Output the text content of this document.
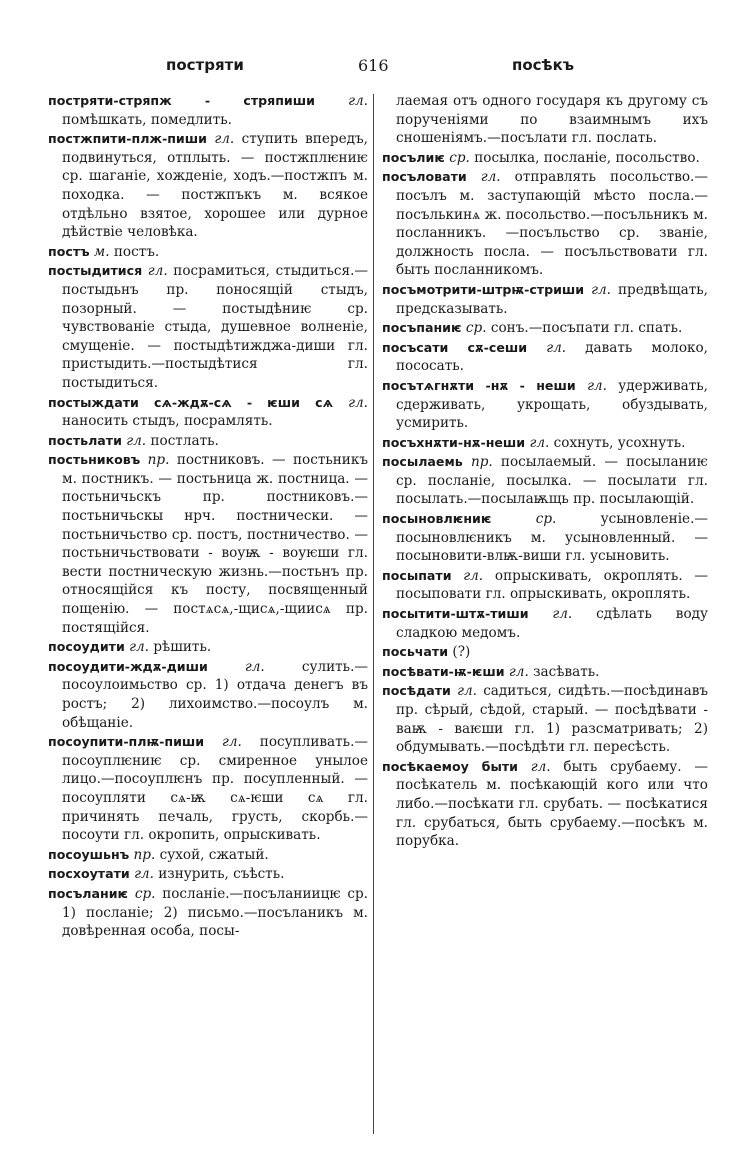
постряти	616	посѣкъ

постряти-стряпж - стряпиши гл. помѣшкать, помедлить.

постжпити-плж-пиши гл. ступить впередъ, подвинуться, отплыть. — постжплѥниѥ ср. шаганіе, хожденіе, ходъ.—постжпъ м. походка. — постжпъкъ м. всякое отдѣльно взятое, хорошее или дурное дѣйствіе человѣка.

постъ м. постъ.

постыдитися гл. посрамиться, стыдиться.—постыдьнъ пр. поносящій стыдъ, позорный. — постыдѣниѥ ср. чувствованіе стыда, душевное волненіе, смущеніе. — постыдѣтижджа-диши гл. пристыдить.—постыдѣтися гл. постыдиться.

постыждати сѧ-ждѫ-сѧ - ѥши сѧ гл. наносить стыдъ, посрамлять.

постьлати гл. постлать.

постьниковъ пр. постниковъ. — постьникъ м. постникъ. — постьница ж. постница. — постьничьскъ пр. постниковъ.— постьничьскы нрч. постнически. — постьничьство ср. постъ, постничество. — постьничьствовати - воуѭ - воуѥши гл. вести постническую жизнь.—постьнъ пр. относящійся къ посту, посвященный пощенію. — постѧсѧ,-щисѧ,-щиисѧ пр. постящійся.

посоудити гл. рѣшить.

посоудити-ждѫ-диши	гл.	сулить.—посоулоимьство ср. 1) отдача денегъ въ ростъ; 2) лихоимство.—посоулъ м. обѣщаніе.

посоупити-плѭ-пиши гл. посупливать.—посоуплѥниѥ ср. смиренное унылое лицо.—посоуплѥнъ пр. посупленный. — посоупляти сѧ-ѭ сѧ-ѥши сѧ гл. причинять печаль, грусть, скорбь.—посоути гл. окропить, опрыскивать.

посоушьнъ пр. сухой, сжатый.

посхоутати гл. изнурить, съѣсть.

посъланиѥ ср. посланіе.—посъланиицѥ ср. 1) посланіе; 2) письмо.—посъланикъ м. довѣренная особа, посы-

лаемая отъ одного государя къ другому съ порученіями по взаимнымъ ихъ сношеніямъ.—посълати гл. послать.

посълиѥ ср. посылка, посланіе, посольство.

посъловати гл. отправлять посольство.—посълъ м. заступающій мѣсто посла.—посълькинѧ ж. посольство.—посъльникъ м. посланникъ. —посъльство ср. званіе, должность посла. — посъльствовати гл. быть посланникомъ.

посъмотрити-штрѭ-стриши гл. предвѣщать, предсказывать.

посъпаниѥ ср. сонъ.—посъпати гл. спать.

посъсати сѫ-сеши гл. давать молоко, пососать.

посътѧгнѫти -нѫ - неши гл. удерживать, сдерживать, укрощать, обуздывать, усмирить.

посъхнѫти-нѫ-неши гл. сохнуть, усохнуть.

посылаемь пр. посылаемый. — посыланиѥ ср. посланіе, посылка. — посылати гл. посылать.—посылаѭщь пр. посылающій.

посыновлѥниѥ	ср.	усыновленіе.—посыновлѥникъ м. усыновленный. — посыновити-влѭ-виши гл. усыновить.

посыпати гл. опрыскивать, окроплять. — посыповати гл. опрыскивать, окроплять.

посытити-штѫ-тиши гл. сдѣлать воду сладкою медомъ.

посьчати (?)

посѣвати-ѭ-ѥши гл. засѣвать.

посѣдати гл. садиться, сидѣть.—посѣдинавъ пр. сѣрый, сѣдой, старый. — посѣдѣвати - ваѭ - ваѥши гл. 1) разсматривать; 2) обдумывать.—посѣдѣти гл. пересѣсть.

посѣкаемоу быти гл. быть срубаему. — посѣкатель м. посѣкающій кого или что либо.—посѣкати гл. срубать. — посѣкатися гл. срубаться, быть срубаему.—посѣкъ м. порубка.
